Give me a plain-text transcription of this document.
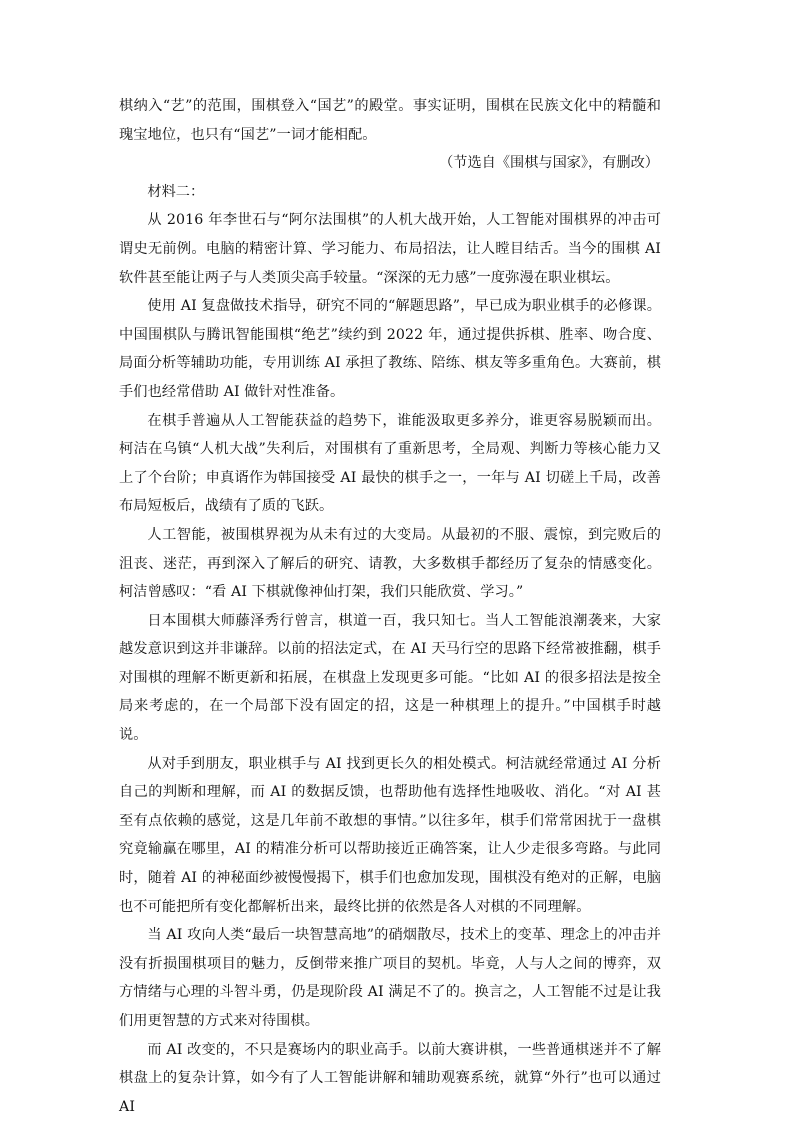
棋纳入“艺”的范围，围棋登入“国艺”的殿堂。事实证明，围棋在民族文化中的精髓和瑰宝地位，也只有“国艺”一词才能相配。

（节选自《围棋与国家》，有删改）

材料二：

从 2016 年李世石与“阿尔法围棋”的人机大战开始，人工智能对围棋界的冲击可谓史无前例。电脑的精密计算、学习能力、布局招法，让人瞠目结舌。当今的围棋 AI 软件甚至能让两子与人类顶尖高手较量。“深深的无力感”一度弥漫在职业棋坛。

使用 AI 复盘做技术指导，研究不同的“解题思路”，早已成为职业棋手的必修课。中国围棋队与腾讯智能围棋“绝艺”续约到 2022 年，通过提供拆棋、胜率、吻合度、局面分析等辅助功能，专用训练 AI 承担了教练、陪练、棋友等多重角色。大赛前，棋手们也经常借助 AI 做针对性准备。

在棋手普遍从人工智能获益的趋势下，谁能汲取更多养分，谁更容易脱颖而出。柯洁在乌镇“人机大战”失利后，对围棋有了重新思考，全局观、判断力等核心能力又上了个台阶；申真谞作为韩国接受 AI 最快的棋手之一，一年与 AI 切磋上千局，改善布局短板后，战绩有了质的飞跃。

人工智能，被围棋界视为从未有过的大变局。从最初的不服、震惊，到完败后的沮丧、迷茫，再到深入了解后的研究、请教，大多数棋手都经历了复杂的情感变化。柯洁曾感叹：“看 AI 下棋就像神仙打架，我们只能欣赏、学习。”

日本围棋大师藤泽秀行曾言，棋道一百，我只知七。当人工智能浪潮袭来，大家越发意识到这并非谦辞。以前的招法定式，在 AI 天马行空的思路下经常被推翻，棋手对围棋的理解不断更新和拓展，在棋盘上发现更多可能。“比如 AI 的很多招法是按全局来考虑的，在一个局部下没有固定的招，这是一种棋理上的提升。”中国棋手时越说。

从对手到朋友，职业棋手与 AI 找到更长久的相处模式。柯洁就经常通过 AI 分析自己的判断和理解，而 AI 的数据反馈，也帮助他有选择性地吸收、消化。“对 AI 甚至有点依赖的感觉，这是几年前不敢想的事情。”以往多年，棋手们常常困扰于一盘棋究竟输赢在哪里，AI 的精准分析可以帮助接近正确答案，让人少走很多弯路。与此同时，随着 AI 的神秘面纱被慢慢揭下，棋手们也愈加发现，围棋没有绝对的正解，电脑也不可能把所有变化都解析出来，最终比拼的依然是各人对棋的不同理解。

当 AI 攻向人类“最后一块智慧高地”的硝烟散尽，技术上的变革、理念上的冲击并没有折损围棋项目的魅力，反倒带来推广项目的契机。毕竟，人与人之间的博弈，双方情绪与心理的斗智斗勇，仍是现阶段 AI 满足不了的。换言之，人工智能不过是让我们用更智慧的方式来对待围棋。

而 AI 改变的，不只是赛场内的职业高手。以前大赛讲棋，一些普通棋迷并不了解棋盘上的复杂计算，如今有了人工智能讲解和辅助观赛系统，就算“外行”也可以通过 AI
